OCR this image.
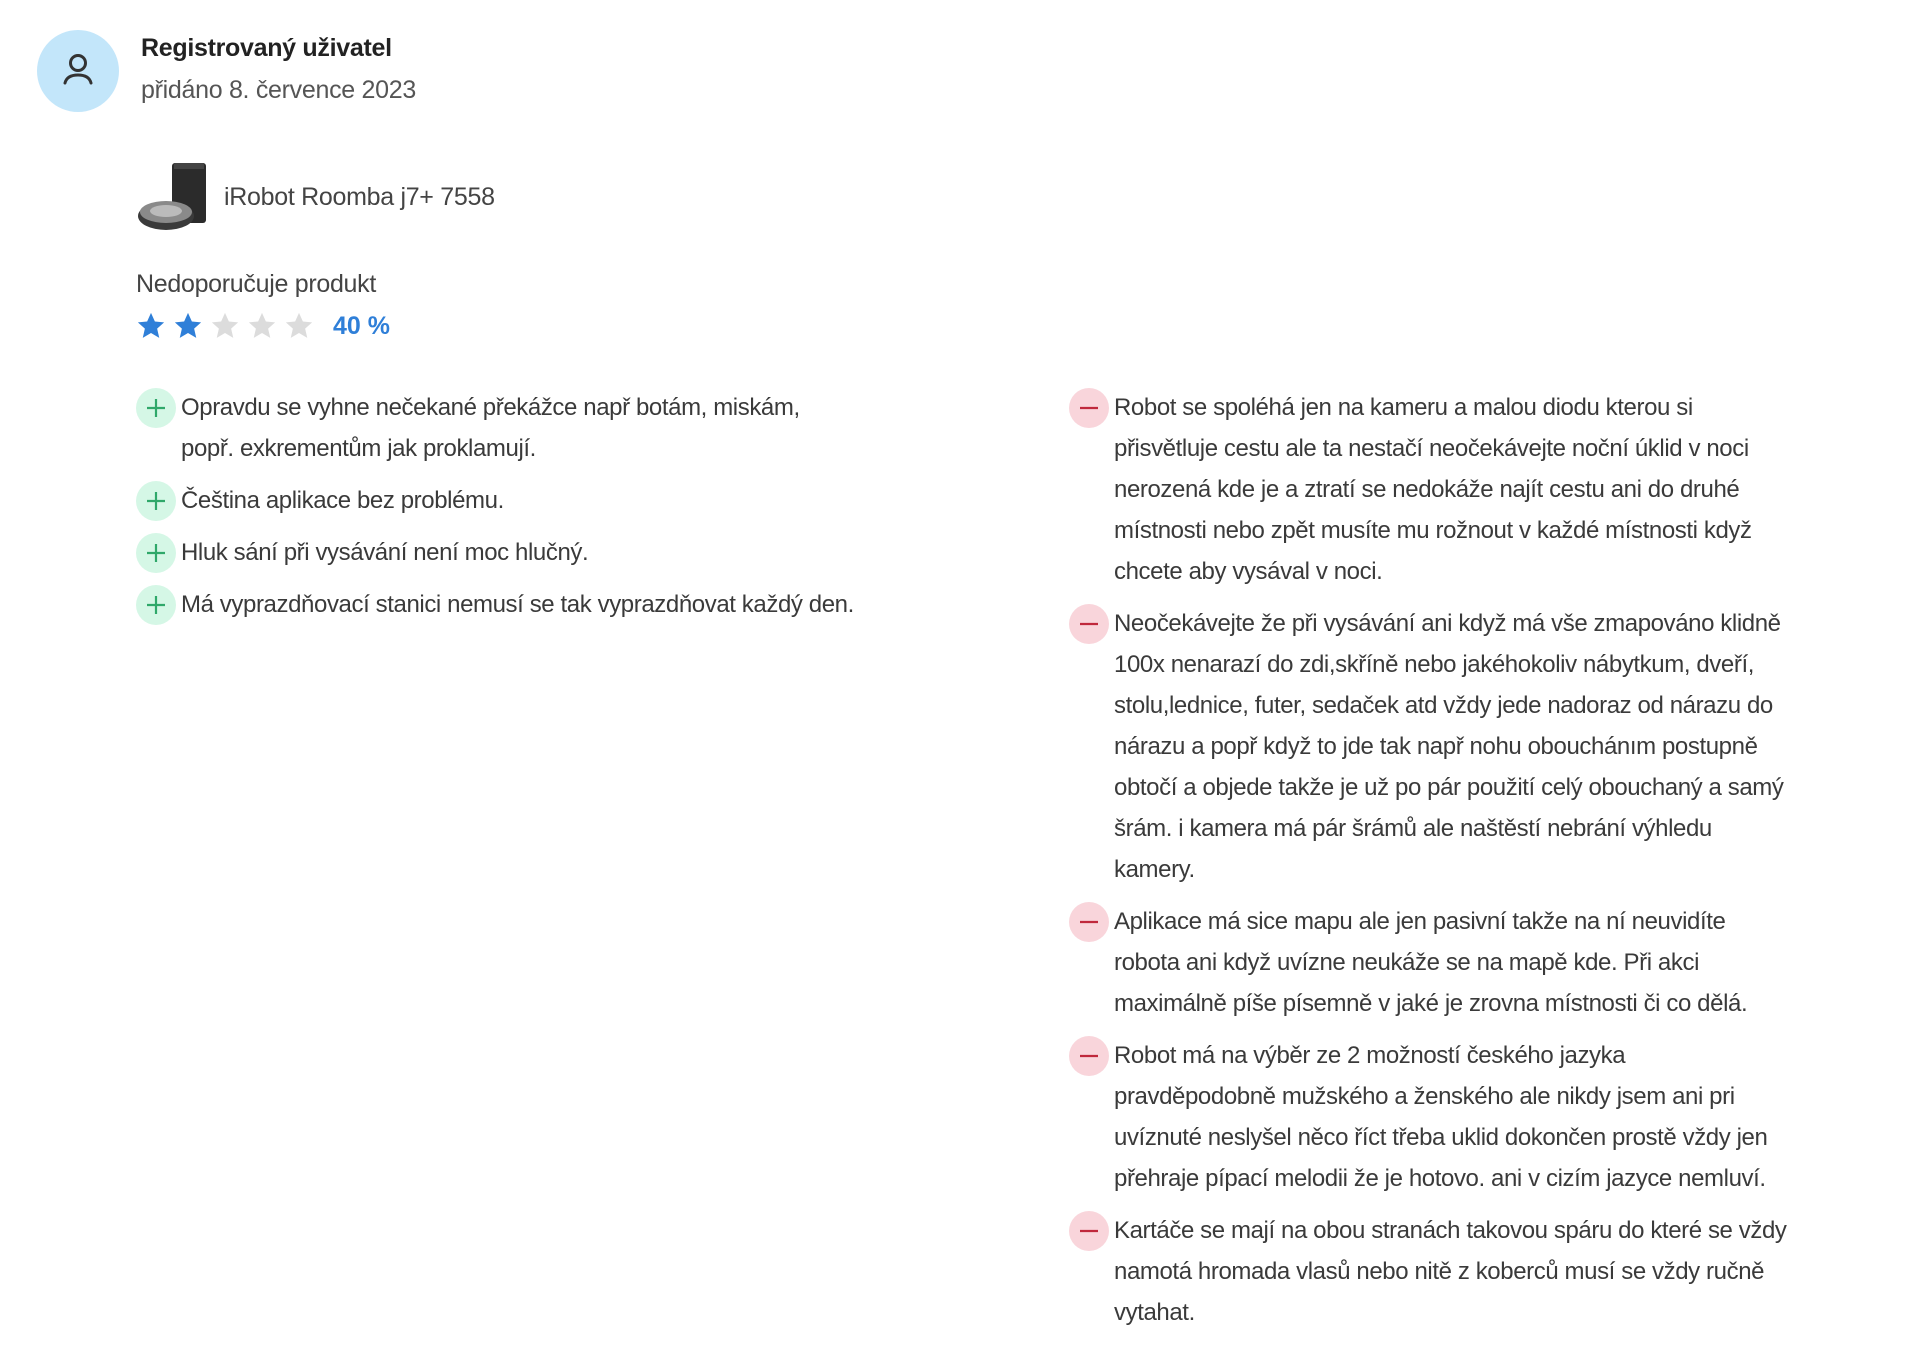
Registrovaný uživatel
přidáno 8. července 2023
iRobot Roomba j7+ 7558
Nedoporučuje produkt
40 %
Opravdu se vyhne nečekané překážce např botám, miskám,
popř. exkrementům jak proklamují.
Čeština aplikace bez problému.
Hluk sání při vysávání není moc hlučný.
Má vyprazdňovací stanici nemusí se tak vyprazdňovat každý den.
Robot se spoléhá jen na kameru a malou diodu kterou si
přisvětluje cestu ale ta nestačí neočekávejte noční úklid v noci
nerozená kde je a ztratí se nedokáže najít cestu ani do druhé
místnosti nebo zpět musíte mu rožnout v každé místnosti když
chcete aby vysával v noci.
Neočekávejte že při vysávání ani když má vše zmapováno klidně
100x nenarazí do zdi,skříně nebo jakéhokoliv nábytkum, dveří,
stolu,lednice, futer, sedaček atd vždy jede nadoraz od nárazu do
nárazu a popř když to jde tak např nohu obouchánım postupně
obtočí a objede takže je už po pár použití celý obouchaný a samý
šrám. i kamera má pár šrámů ale naštěstí nebrání výhledu
kamery.
Aplikace má sice mapu ale jen pasivní takže na ní neuvidíte
robota ani když uvízne neukáže se na mapě kde. Při akci
maximálně píše písemně v jaké je zrovna místnosti či co dělá.
Robot má na výběr ze 2 možností českého jazyka
pravděpodobně mužského a ženského ale nikdy jsem ani pri
uvíznuté neslyšel něco říct třeba uklid dokončen prostě vždy jen
přehraje pípací melodii že je hotovo. ani v cizím jazyce nemluví.
Kartáče se mají na obou stranách takovou spáru do které se vždy
namotá hromada vlasů nebo nitě z koberců musí se vždy ručně
vytahat.
